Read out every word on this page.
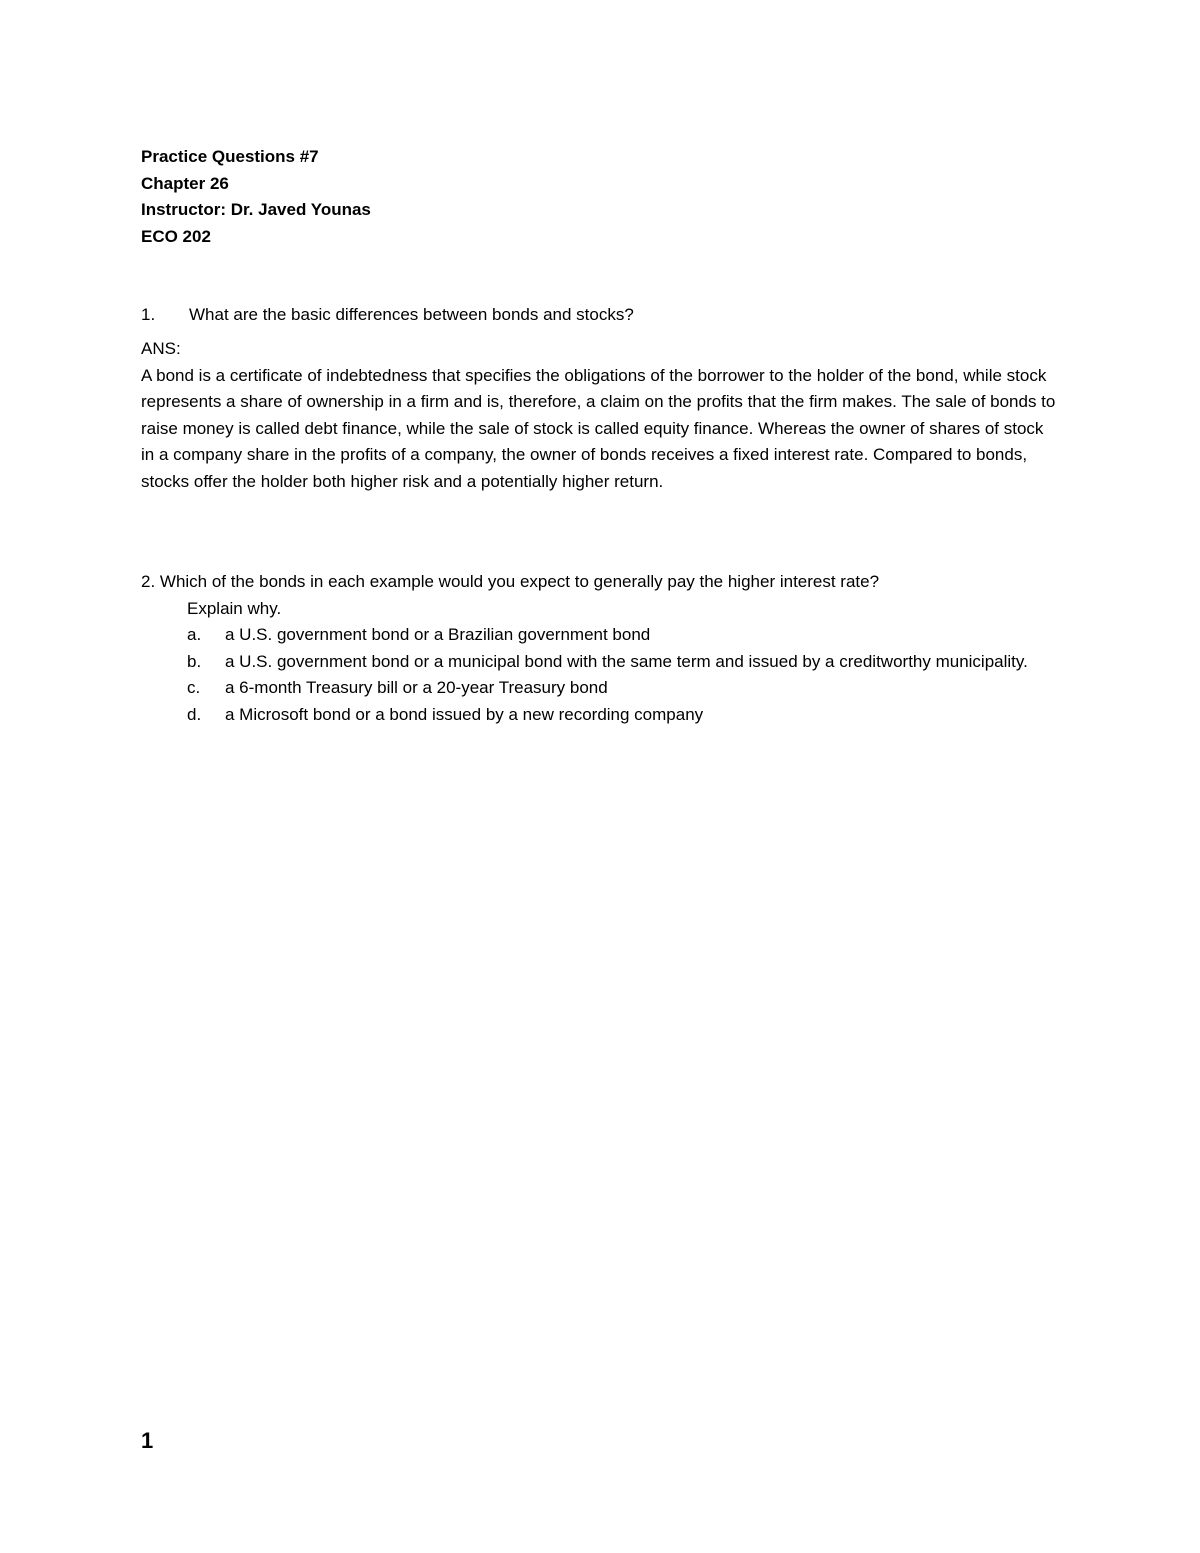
Practice Questions #7
Chapter 26
Instructor: Dr. Javed Younas
ECO 202
1.	What are the basic differences between bonds and stocks?
ANS:
A bond is a certificate of indebtedness that specifies the obligations of the borrower to the holder of the bond, while stock represents a share of ownership in a firm and is, therefore, a claim on the profits that the firm makes. The sale of bonds to raise money is called debt finance, while the sale of stock is called equity finance. Whereas the owner of shares of stock in a company share in the profits of a company, the owner of bonds receives a fixed interest rate. Compared to bonds, stocks offer the holder both higher risk and a potentially higher return.
2. Which of the bonds in each example would you expect to generally pay the higher interest rate?
Explain why.
a.	a U.S. government bond or a Brazilian government bond
b.	a U.S. government bond or a municipal bond with the same term and issued by a creditworthy municipality.
c.	a 6-month Treasury bill or a 20-year Treasury bond
d.	a Microsoft bond or a bond issued by a new recording company
1
